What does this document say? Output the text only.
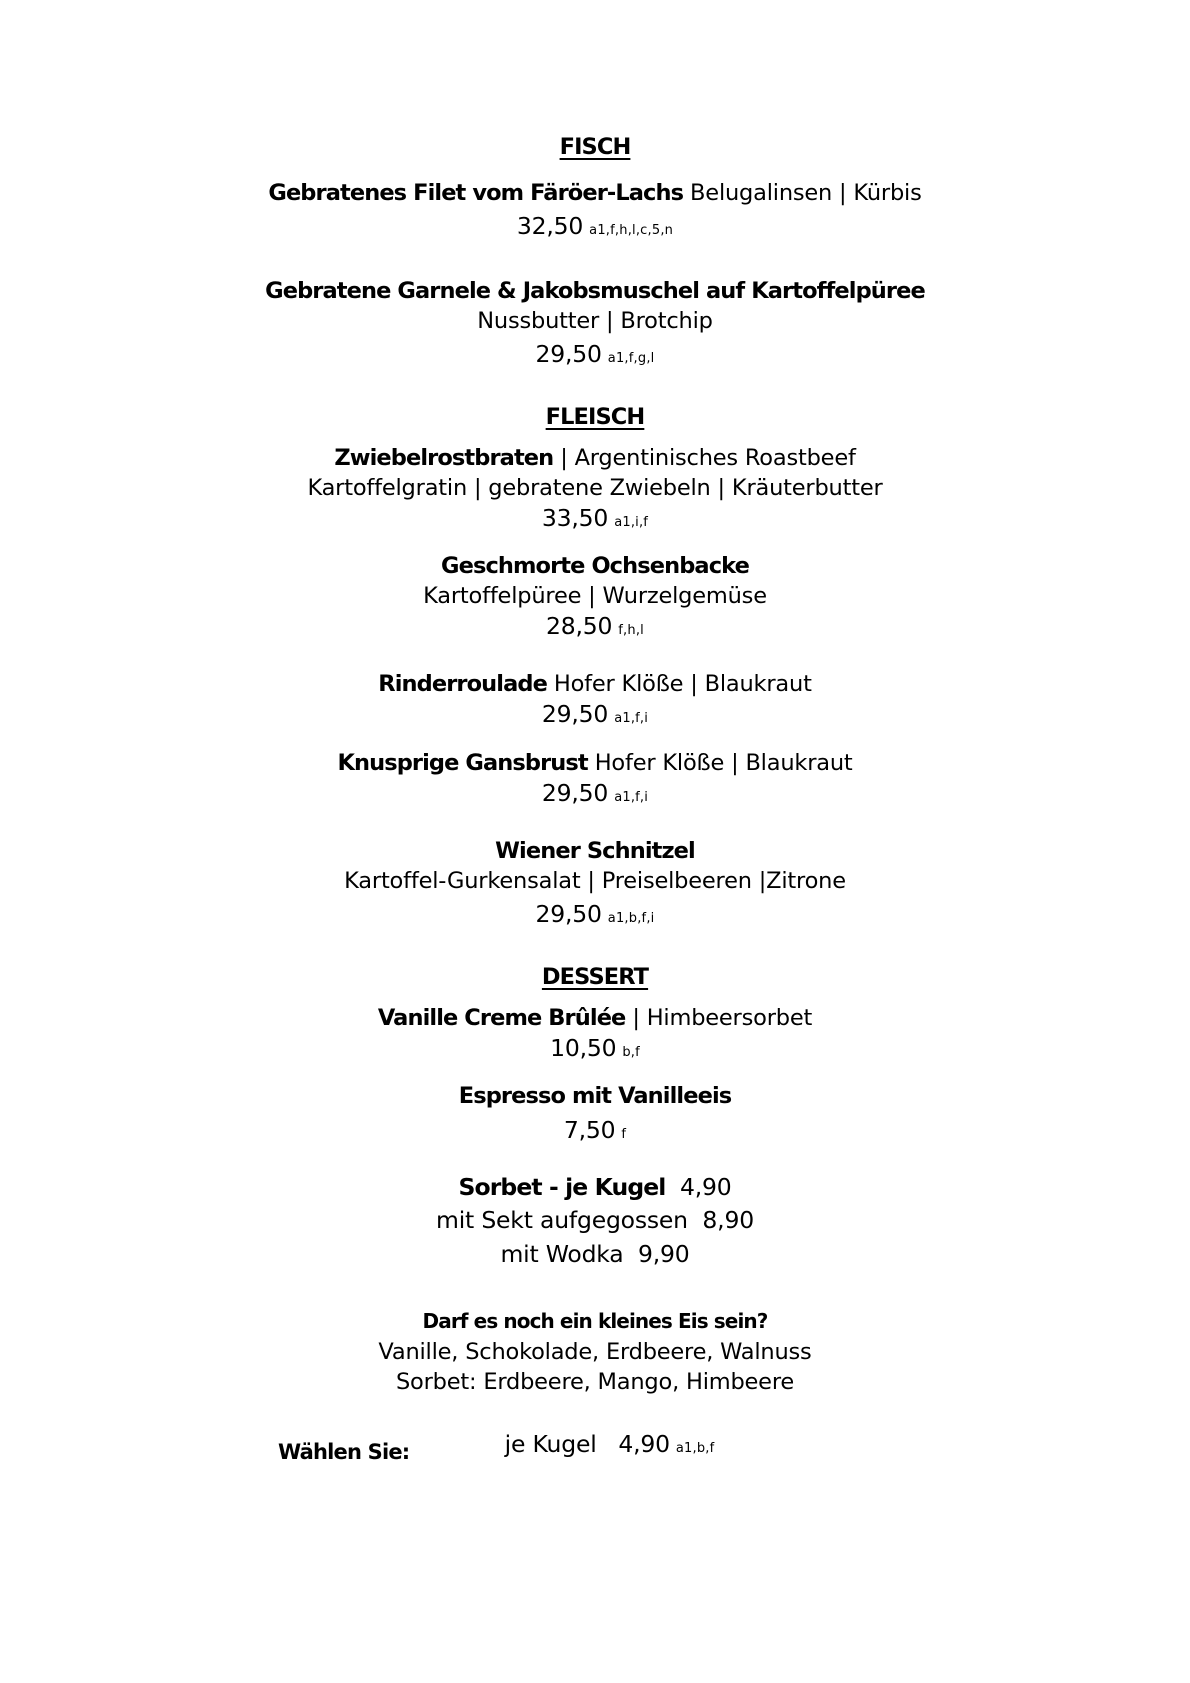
FISCH
Gebratenes Filet vom Färöer-Lachs Belugalinsen | Kürbis
32,50 a1,f,h,l,c,5,n
Gebratene Garnele & Jakobsmuschel auf Kartoffelpüree
Nussbutter | Brotchip
29,50 a1,f,g,l
FLEISCH
Zwiebelrostbraten | Argentinisches Roastbeef
Kartoffelgratin | gebratene Zwiebeln | Kräuterbutter
33,50 a1,i,f
Geschmorte Ochsenbacke
Kartoffelpüree | Wurzelgemüse
28,50 f,h,l
Rinderroulade Hofer Klöße | Blaukraut
29,50 a1,f,i
Knusprige Gansbrust Hofer Klöße | Blaukraut
29,50 a1,f,i
Wiener Schnitzel
Kartoffel-Gurkensalat | Preiselbeeren |Zitrone
29,50 a1,b,f,i
DESSERT
Vanille Creme Brûlée | Himbeersorbet
10,50 b,f
Espresso mit Vanilleeis
7,50 f
Sorbet - je Kugel  4,90
mit Sekt aufgegossen  8,90
mit Wodka  9,90
Darf es noch ein kleines Eis sein?
Wählen Sie:
Vanille, Schokolade, Erdbeere, Walnuss
Sorbet: Erdbeere, Mango, Himbeere

je Kugel   4,90 a1,b,f
